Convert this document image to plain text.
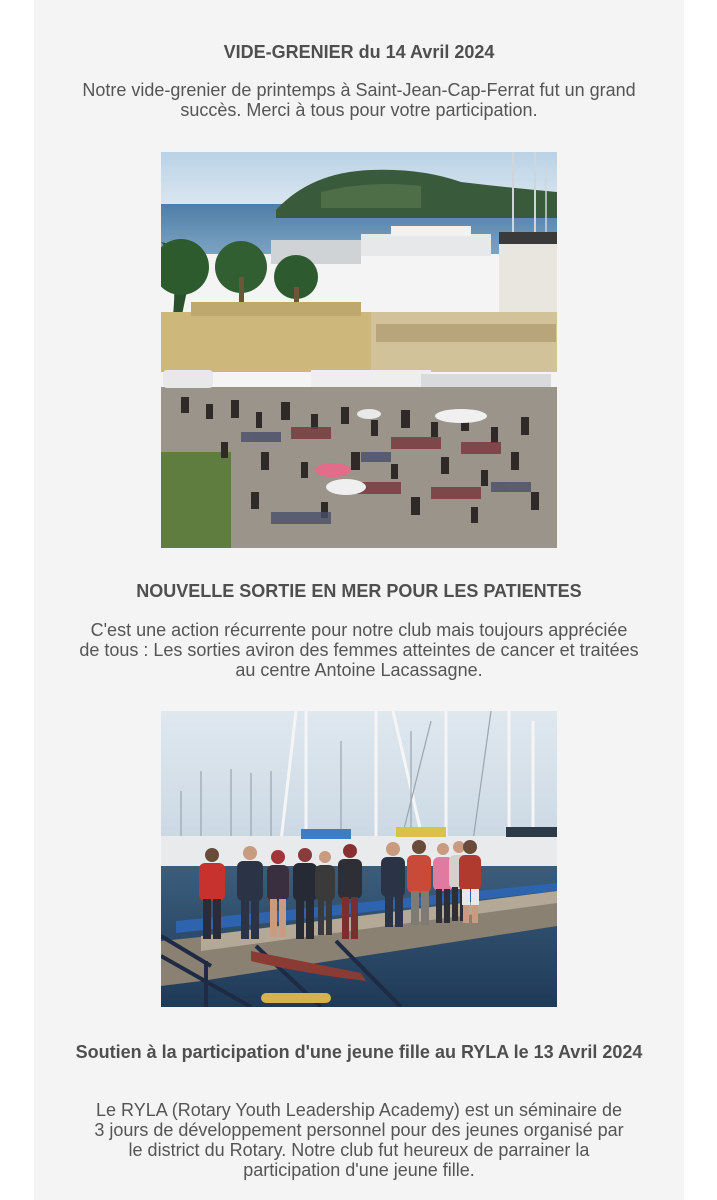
VIDE-GRENIER du 14 Avril 2024

Notre vide-grenier de printemps à Saint-Jean-Cap-Ferrat fut un grand succès. Merci à tous pour votre participation.

NOUVELLE SORTIE EN MER POUR LES PATIENTES

C'est une action récurrente pour notre club mais toujours appréciée de tous : Les sorties aviron des femmes atteintes de cancer et traitées au centre Antoine Lacassagne.

Soutien à la participation d'une jeune fille au RYLA le 13 Avril 2024

Le RYLA (Rotary Youth Leadership Academy) est un séminaire de 3 jours de développement personnel pour des jeunes organisé par le district du Rotary. Notre club fut heureux de parrainer la participation d'une jeune fille.
